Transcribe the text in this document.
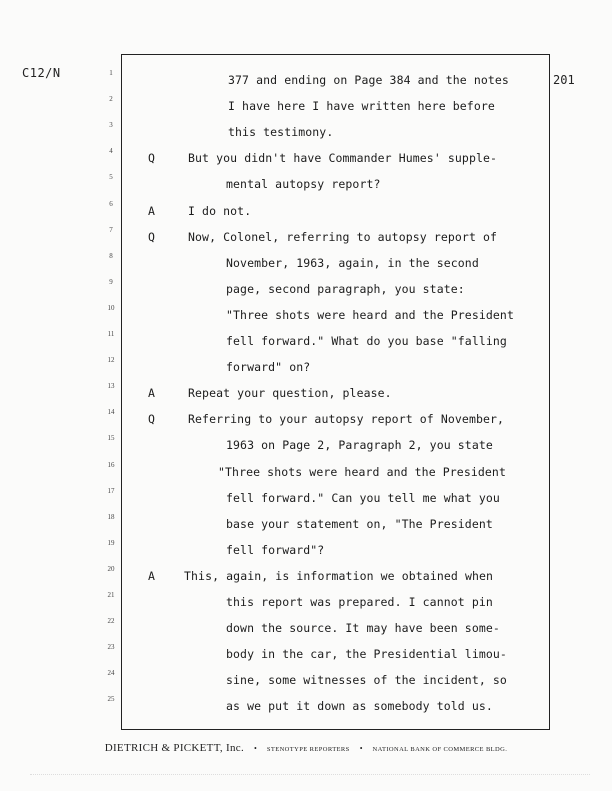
C12/N	201
1
2
3
4
5
6
7
8
9
10
11
12
13
14
15
16
17
18
19
20
21
22
23
24
25
377 and ending on Page 384 and the notes
I have here I have written here before
this testimony.
Q	But you didn't have Commander Humes' supple-
mental autopsy report?
A	I do not.
Q	Now, Colonel, referring to autopsy report of
November, 1963, again, in the second
page, second paragraph, you state:
"Three shots were heard and the President
fell forward." What do you base "falling
forward" on?
A	Repeat your question, please.
Q	Referring to your autopsy report of November,
1963 on Page 2, Paragraph 2, you state
"Three shots were heard and the President
fell forward." Can you tell me what you
base your statement on, "The President
fell forward"?
A	This, again, is information we obtained when
this report was prepared. I cannot pin
down the source. It may have been some-
body in the car, the Presidential limou-
sine, some witnesses of the incident, so
as we put it down as somebody told us.
DIETRICH & PICKETT, Inc. • STENOTYPE REPORTERS • NATIONAL BANK OF COMMERCE BLDG.
